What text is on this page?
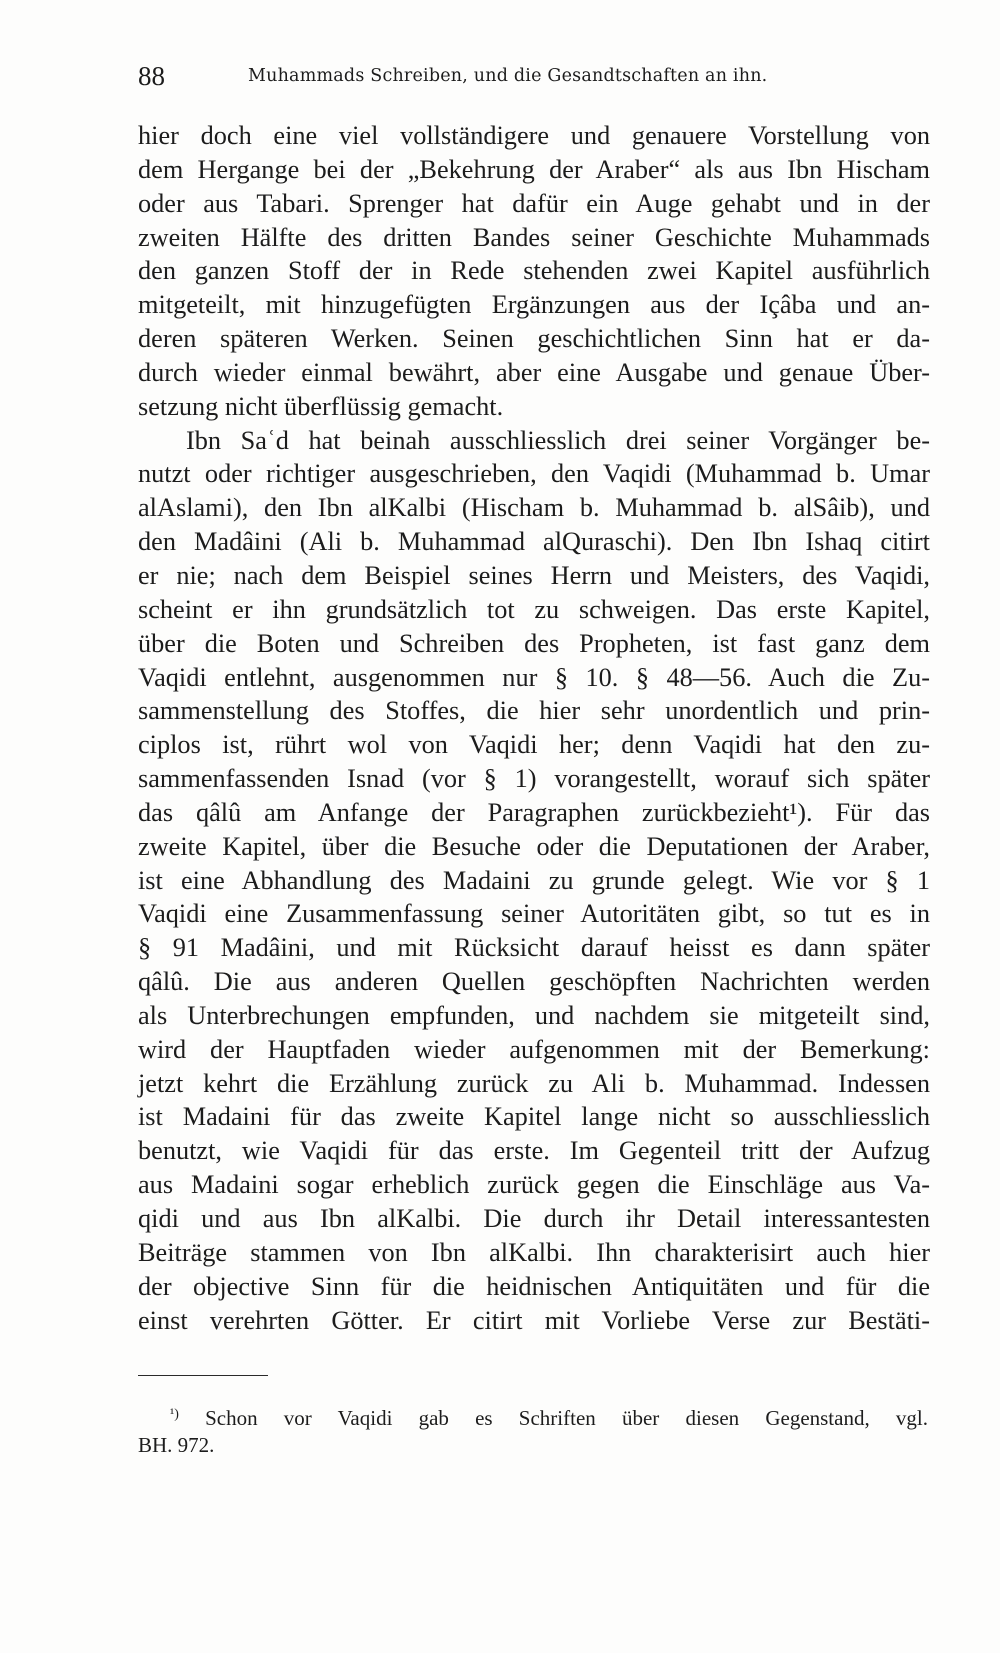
88	Muhammads Schreiben, und die Gesandtschaften an ihn.
hier doch eine viel vollständigere und genauere Vorstellung von
dem Hergange bei der „Bekehrung der Araber“ als aus Ibn Hischam
oder aus Tabari. Sprenger hat dafür ein Auge gehabt und in der
zweiten Hälfte des dritten Bandes seiner Geschichte Muhammads
den ganzen Stoff der in Rede stehenden zwei Kapitel ausführlich
mitgeteilt, mit hinzugefügten Ergänzungen aus der Içâba und an-
deren späteren Werken. Seinen geschichtlichen Sinn hat er da-
durch wieder einmal bewährt, aber eine Ausgabe und genaue Über-
setzung nicht überflüssig gemacht.
Ibn Saʿd hat beinah ausschliesslich drei seiner Vorgänger be-
nutzt oder richtiger ausgeschrieben, den Vaqidi (Muhammad b. Umar
alAslami), den Ibn alKalbi (Hischam b. Muhammad b. alSâib), und
den Madâini (Ali b. Muhammad alQuraschi). Den Ibn Ishaq citirt
er nie; nach dem Beispiel seines Herrn und Meisters, des Vaqidi,
scheint er ihn grundsätzlich tot zu schweigen. Das erste Kapitel,
über die Boten und Schreiben des Propheten, ist fast ganz dem
Vaqidi entlehnt, ausgenommen nur § 10. § 48—56. Auch die Zu-
sammenstellung des Stoffes, die hier sehr unordentlich und prin-
ciplos ist, rührt wol von Vaqidi her; denn Vaqidi hat den zu-
sammenfassenden Isnad (vor § 1) vorangestellt, worauf sich später
das qâlû am Anfange der Paragraphen zurückbezieht¹). Für das
zweite Kapitel, über die Besuche oder die Deputationen der Araber,
ist eine Abhandlung des Madaini zu grunde gelegt. Wie vor § 1
Vaqidi eine Zusammenfassung seiner Autoritäten gibt, so tut es in
§ 91 Madâini, und mit Rücksicht darauf heisst es dann später
qâlû. Die aus anderen Quellen geschöpften Nachrichten werden
als Unterbrechungen empfunden, und nachdem sie mitgeteilt sind,
wird der Hauptfaden wieder aufgenommen mit der Bemerkung:
jetzt kehrt die Erzählung zurück zu Ali b. Muhammad. Indessen
ist Madaini für das zweite Kapitel lange nicht so ausschliesslich
benutzt, wie Vaqidi für das erste. Im Gegenteil tritt der Aufzug
aus Madaini sogar erheblich zurück gegen die Einschläge aus Va-
qidi und aus Ibn alKalbi. Die durch ihr Detail interessantesten
Beiträge stammen von Ibn alKalbi. Ihn charakterisirt auch hier
der objective Sinn für die heidnischen Antiquitäten und für die
einst verehrten Götter. Er citirt mit Vorliebe Verse zur Bestäti-
$^{^1)}$ Schon vor Vaqidi gab es Schriften über diesen Gegenstand, vgl.
BH. 972.
